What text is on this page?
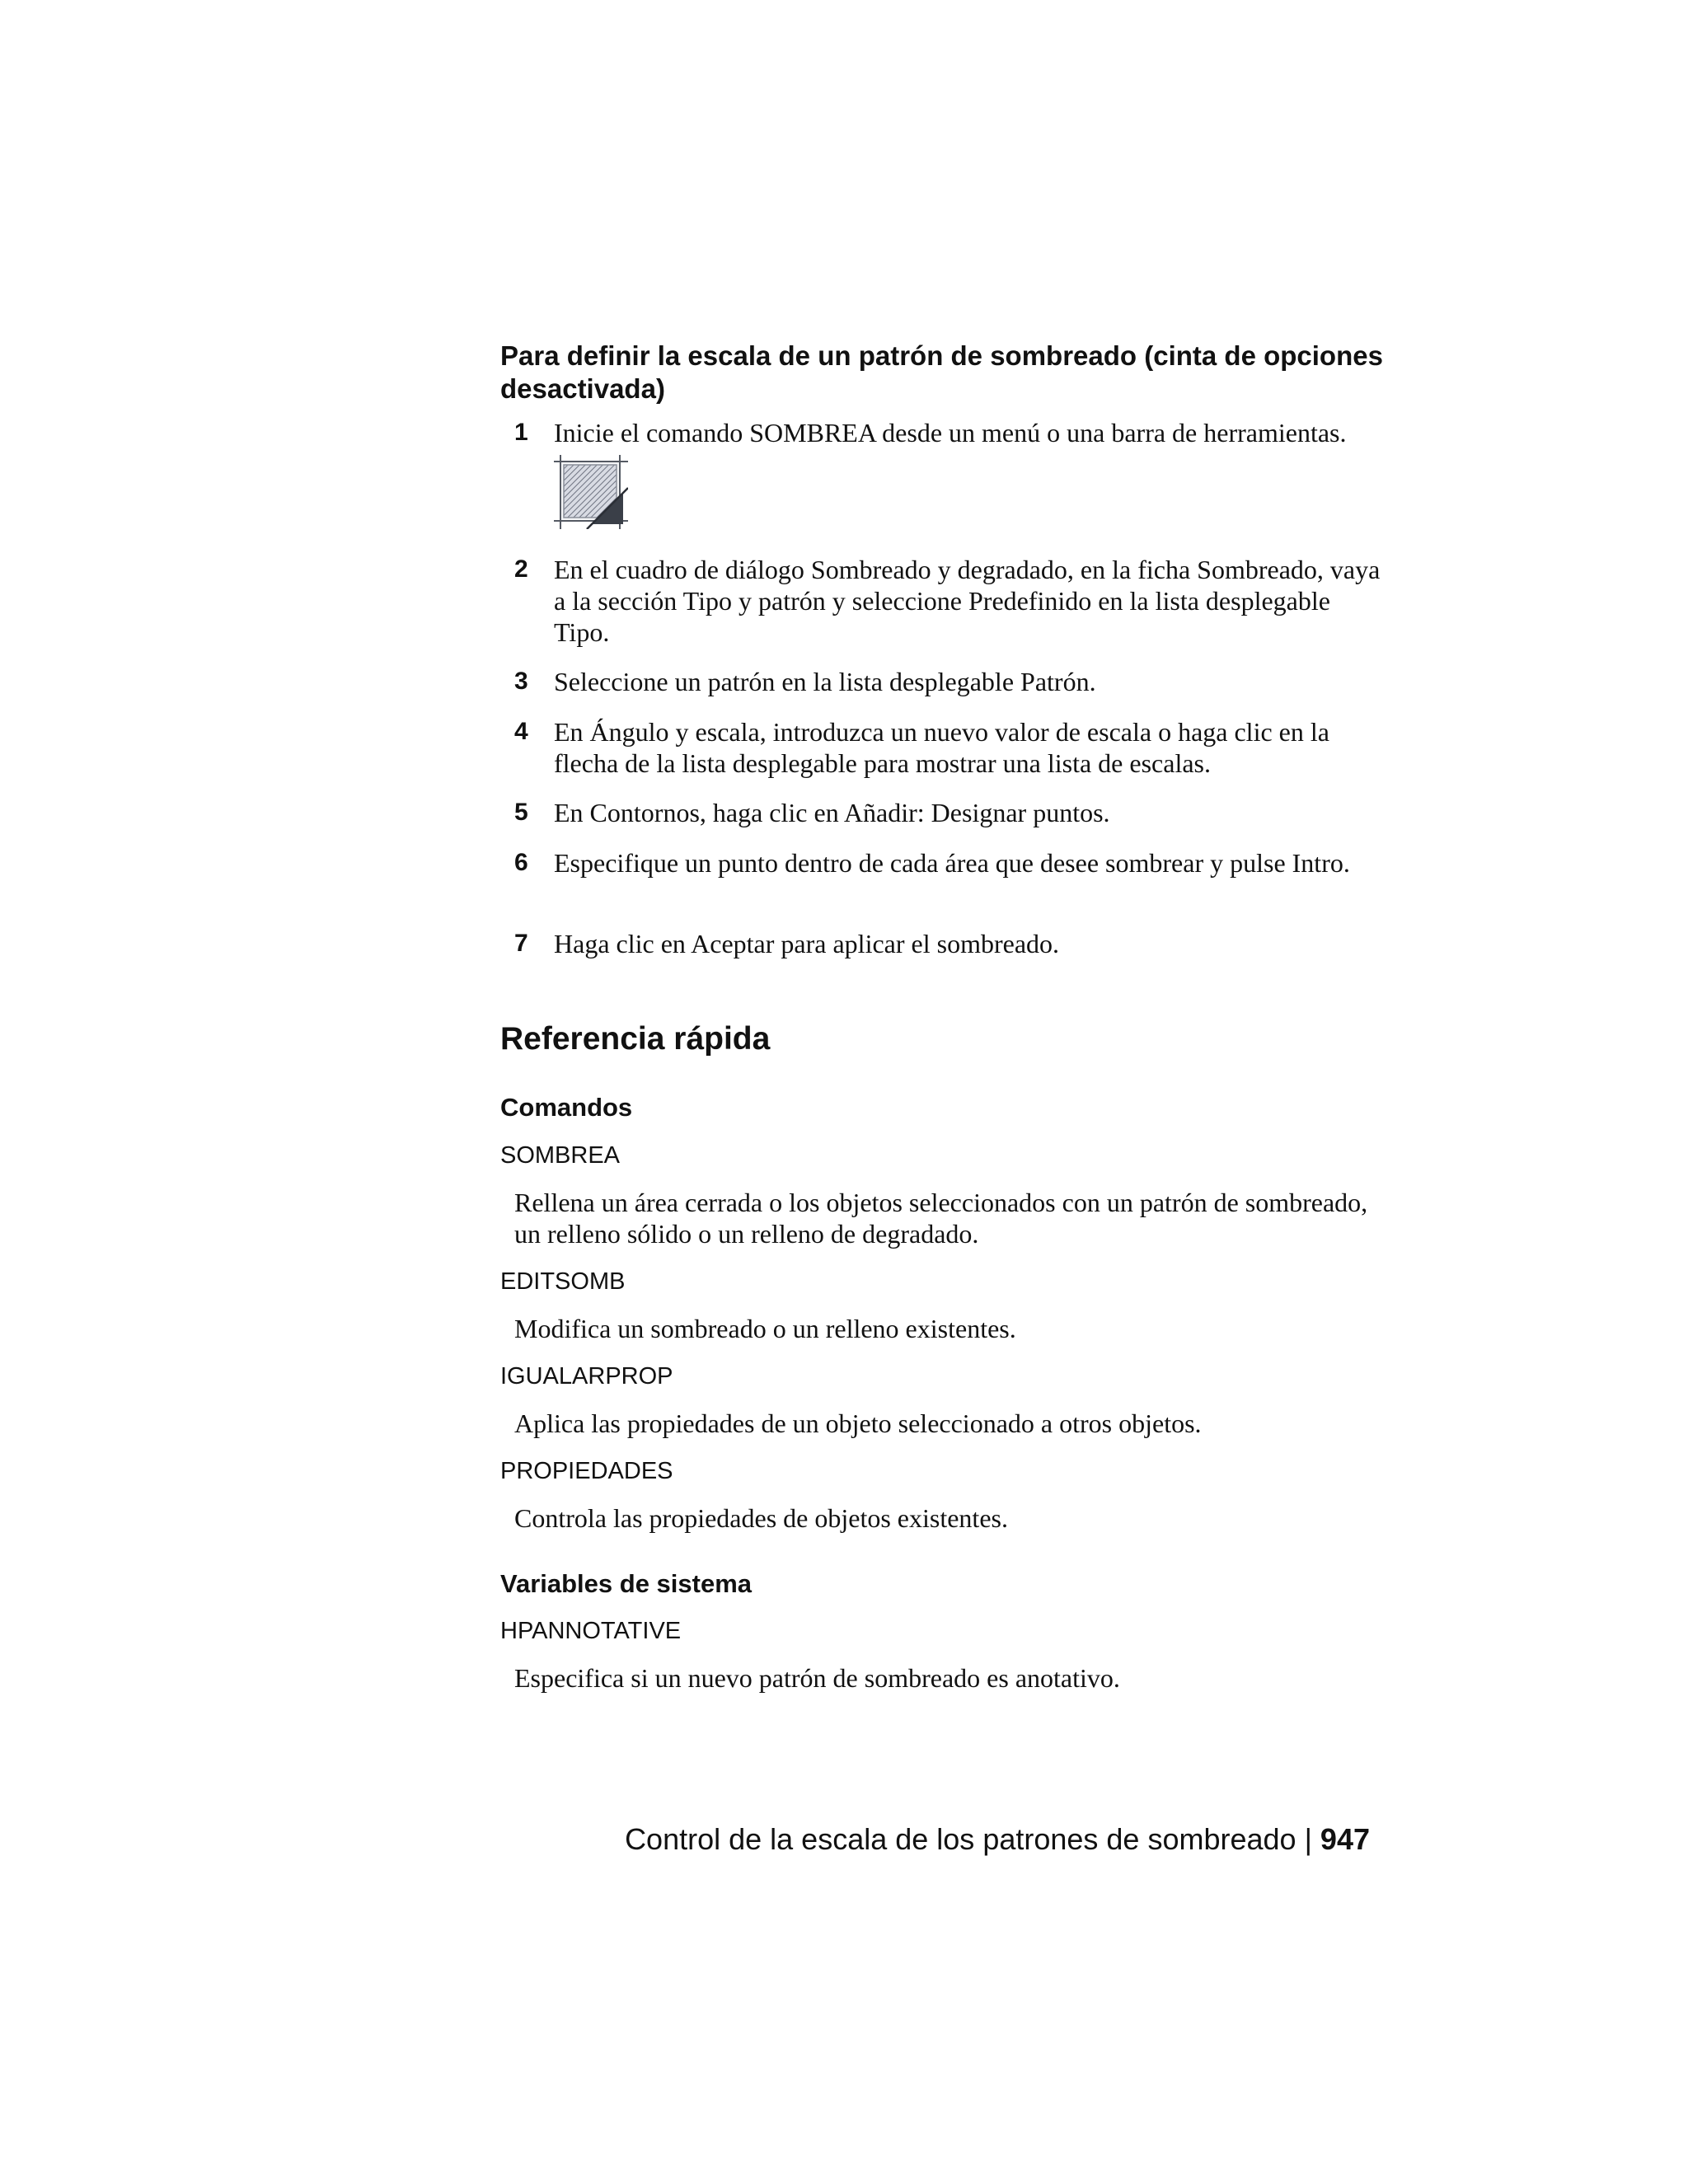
Para definir la escala de un patrón de sombreado (cinta de opciones desactivada)
1 Inicie el comando SOMBREA desde un menú o una barra de herramientas.
2 En el cuadro de diálogo Sombreado y degradado, en la ficha Sombreado, vaya a la sección Tipo y patrón y seleccione Predefinido en la lista desplegable Tipo.
3 Seleccione un patrón en la lista desplegable Patrón.
4 En Ángulo y escala, introduzca un nuevo valor de escala o haga clic en la flecha de la lista desplegable para mostrar una lista de escalas.
5 En Contornos, haga clic en Añadir: Designar puntos.
6 Especifique un punto dentro de cada área que desee sombrear y pulse Intro.
7 Haga clic en Aceptar para aplicar el sombreado.
Referencia rápida
Comandos
SOMBREA
Rellena un área cerrada o los objetos seleccionados con un patrón de sombreado, un relleno sólido o un relleno de degradado.
EDITSOMB
Modifica un sombreado o un relleno existentes.
IGUALARPROP
Aplica las propiedades de un objeto seleccionado a otros objetos.
PROPIEDADES
Controla las propiedades de objetos existentes.
Variables de sistema
HPANNOTATIVE
Especifica si un nuevo patrón de sombreado es anotativo.
Control de la escala de los patrones de sombreado | 947
